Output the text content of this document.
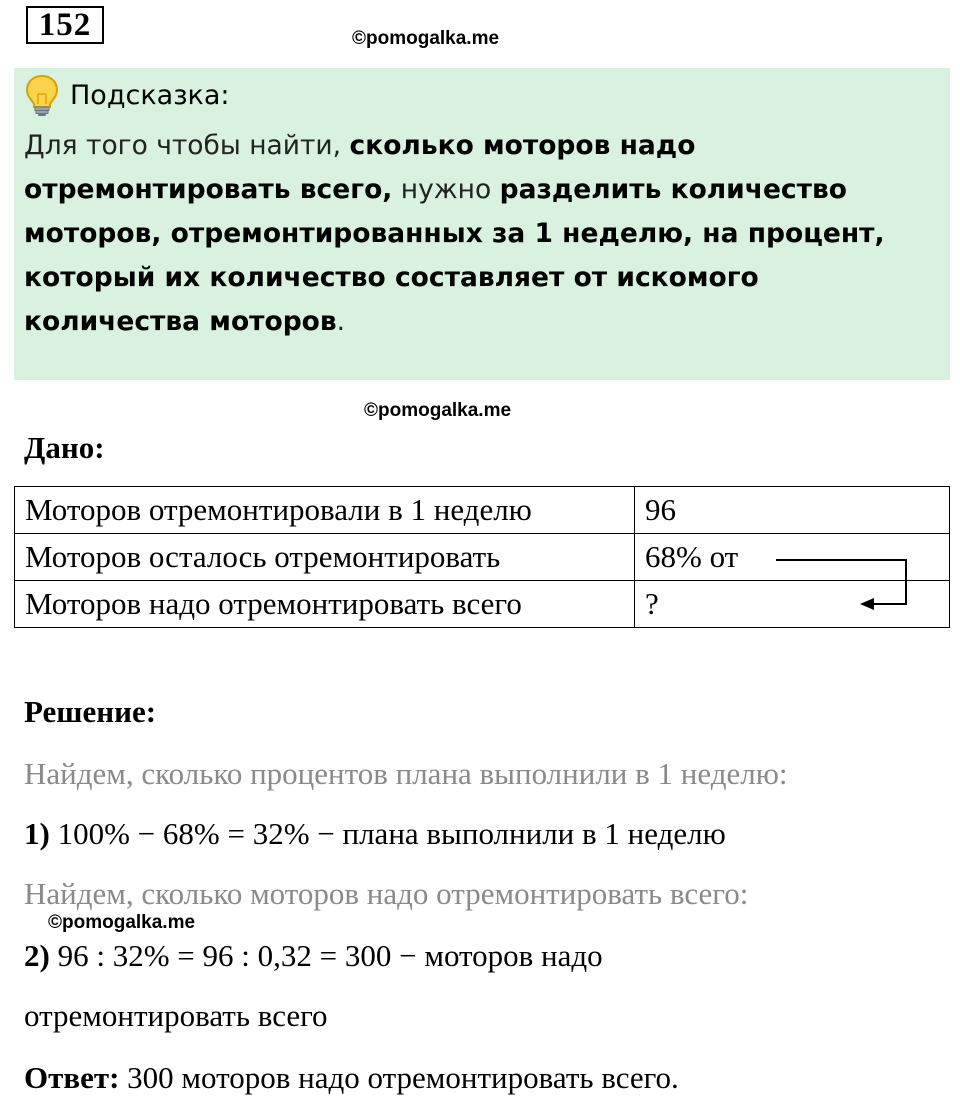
152	©pomogalka.me
Подсказка:
Для того чтобы найти, сколько моторов надо отремонтировать всего, нужно разделить количество моторов, отремонтированных за 1 неделю, на процент, который их количество составляет от искомого количества моторов.
©pomogalka.me
Дано:
Моторов отремонтировали в 1 неделю	96
Моторов осталось отремонтировать	68% от
Моторов надо отремонтировать всего	?
Решение:
Найдем, сколько процентов плана выполнили в 1 неделю:
1) 100% − 68% = 32% − плана выполнили в 1 неделю
Найдем, сколько моторов надо отремонтировать всего:
©pomogalka.me
2) 96 : 32% = 96 : 0,32 = 300 − моторов надо
отремонтировать всего
Ответ: 300 моторов надо отремонтировать всего.
